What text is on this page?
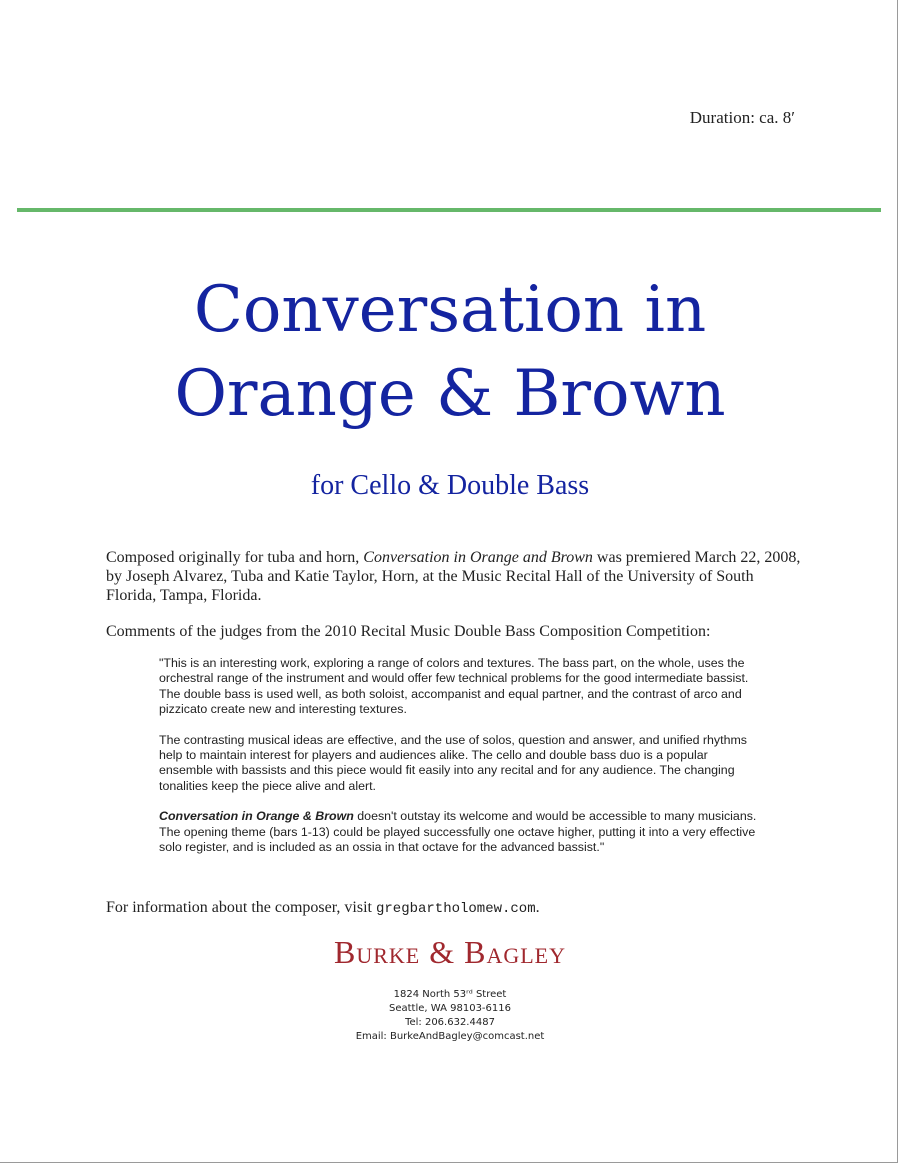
Duration: ca. 8′
Conversation in
Orange & Brown
for Cello & Double Bass
Composed originally for tuba and horn, Conversation in Orange and Brown was premiered March 22, 2008, by Joseph Alvarez, Tuba and Katie Taylor, Horn, at the Music Recital Hall of the University of South Florida, Tampa, Florida.
Comments of the judges from the 2010 Recital Music Double Bass Composition Competition:

"This is an interesting work, exploring a range of colors and textures. The bass part, on the whole, uses the orchestral range of the instrument and would offer few technical problems for the good intermediate bassist. The double bass is used well, as both soloist, accompanist and equal partner, and the contrast of arco and pizzicato create new and interesting textures.

The contrasting musical ideas are effective, and the use of solos, question and answer, and unified rhythms help to maintain interest for players and audiences alike. The cello and double bass duo is a popular ensemble with bassists and this piece would fit easily into any recital and for any audience. The changing tonalities keep the piece alive and alert.

Conversation in Orange & Brown doesn't outstay its welcome and would be accessible to many musicians. The opening theme (bars 1-13) could be played successfully one octave higher, putting it into a very effective solo register, and is included as an ossia in that octave for the advanced bassist."

For information about the composer, visit gregbartholomew.com.
Burke & Bagley
1824 North 53ʳᵈ Street
Seattle, WA 98103-6116
Tel: 206.632.4487
Email: BurkeAndBagley@comcast.net
